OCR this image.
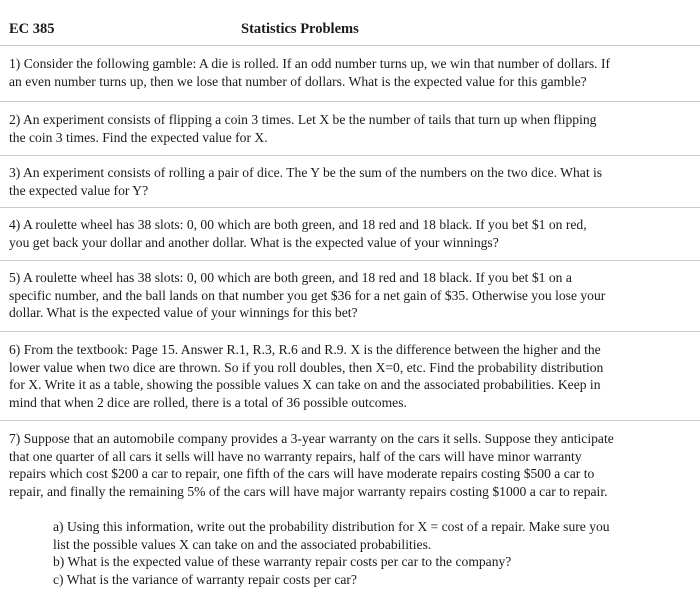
EC 385	Statistics Problems
1) Consider the following gamble: A die is rolled. If an odd number turns up, we win that number of dollars. If
an even number turns up, then we lose that number of dollars. What is the expected value for this gamble?
2) An experiment consists of flipping a coin 3 times. Let X be the number of tails that turn up when flipping
the coin 3 times. Find the expected value for X.
3) An experiment consists of rolling a pair of dice. The Y be the sum of the numbers on the two dice. What is
the expected value for Y?
4) A roulette wheel has 38 slots: 0, 00 which are both green, and 18 red and 18 black. If you bet $1 on red,
you get back your dollar and another dollar. What is the expected value of your winnings?
5) A roulette wheel has 38 slots: 0, 00 which are both green, and 18 red and 18 black. If you bet $1 on a
specific number, and the ball lands on that number you get $36 for a net gain of $35. Otherwise you lose your
dollar. What is the expected value of your winnings for this bet?
6) From the textbook: Page 15. Answer R.1, R.3, R.6 and R.9. X is the difference between the higher and the
lower value when two dice are thrown. So if you roll doubles, then X=0, etc. Find the probability distribution
for X. Write it as a table, showing the possible values X can take on and the associated probabilities. Keep in
mind that when 2 dice are rolled, there is a total of 36 possible outcomes.
7) Suppose that an automobile company provides a 3-year warranty on the cars it sells. Suppose they anticipate
that one quarter of all cars it sells will have no warranty repairs, half of the cars will have minor warranty
repairs which cost $200 a car to repair, one fifth of the cars will have moderate repairs costing $500 a car to
repair, and finally the remaining 5% of the cars will have major warranty repairs costing $1000 a car to repair.
a) Using this information, write out the probability distribution for X = cost of a repair. Make sure you
list the possible values X can take on and the associated probabilities.
b) What is the expected value of these warranty repair costs per car to the company?
c) What is the variance of warranty repair costs per car?
